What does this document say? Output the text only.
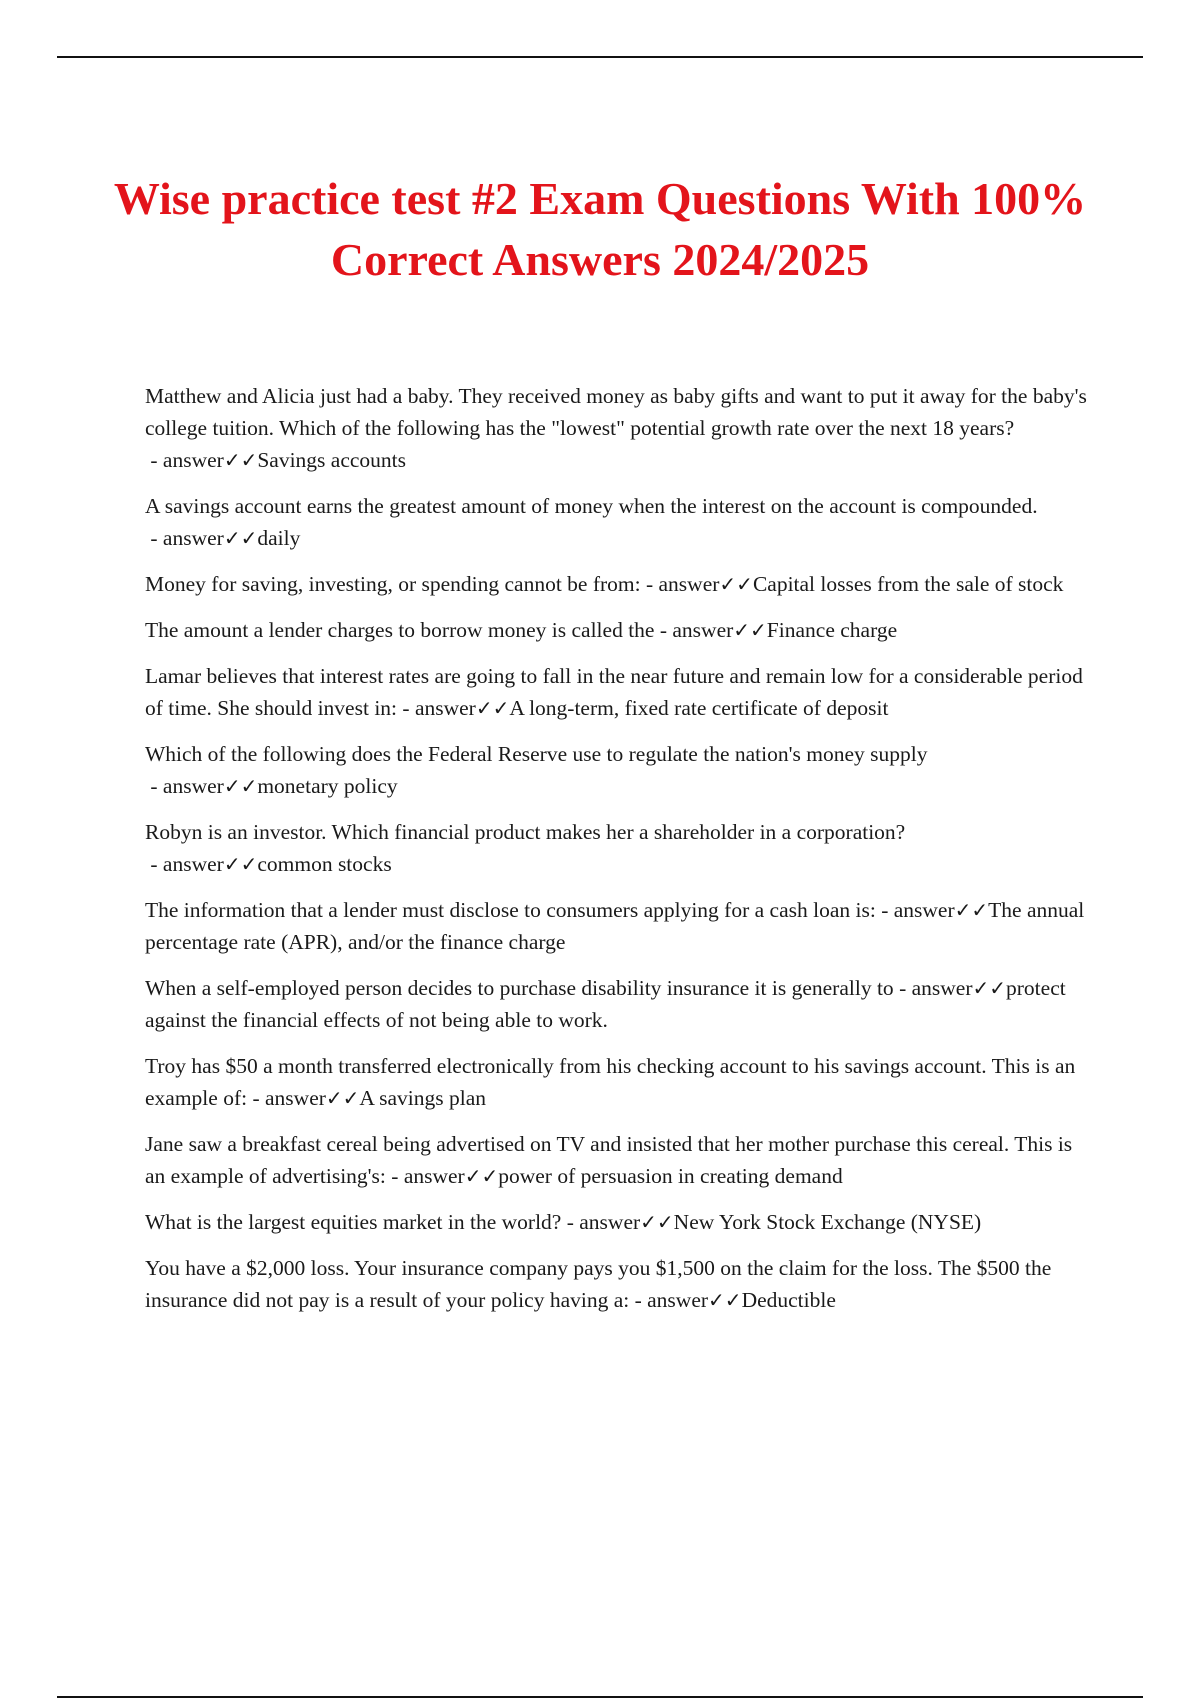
Wise practice test #2 Exam Questions With 100% Correct Answers 2024/2025
Matthew and Alicia just had a baby. They received money as baby gifts and want to put it away for the baby's college tuition. Which of the following has the "lowest" potential growth rate over the next 18 years? - answer✓✓Savings accounts
A savings account earns the greatest amount of money when the interest on the account is compounded. - answer✓✓daily
Money for saving, investing, or spending cannot be from: - answer✓✓Capital losses from the sale of stock
The amount a lender charges to borrow money is called the - answer✓✓Finance charge
Lamar believes that interest rates are going to fall in the near future and remain low for a considerable period of time. She should invest in: - answer✓✓A long-term, fixed rate certificate of deposit
Which of the following does the Federal Reserve use to regulate the nation's money supply - answer✓✓monetary policy
Robyn is an investor. Which financial product makes her a shareholder in a corporation? - answer✓✓common stocks
The information that a lender must disclose to consumers applying for a cash loan is: - answer✓✓The annual percentage rate (APR), and/or the finance charge
When a self-employed person decides to purchase disability insurance it is generally to - answer✓✓protect against the financial effects of not being able to work.
Troy has $50 a month transferred electronically from his checking account to his savings account. This is an example of: - answer✓✓A savings plan
Jane saw a breakfast cereal being advertised on TV and insisted that her mother purchase this cereal. This is an example of advertising's: - answer✓✓power of persuasion in creating demand
What is the largest equities market in the world? - answer✓✓New York Stock Exchange (NYSE)
You have a $2,000 loss. Your insurance company pays you $1,500 on the claim for the loss. The $500 the insurance did not pay is a result of your policy having a: - answer✓✓Deductible
